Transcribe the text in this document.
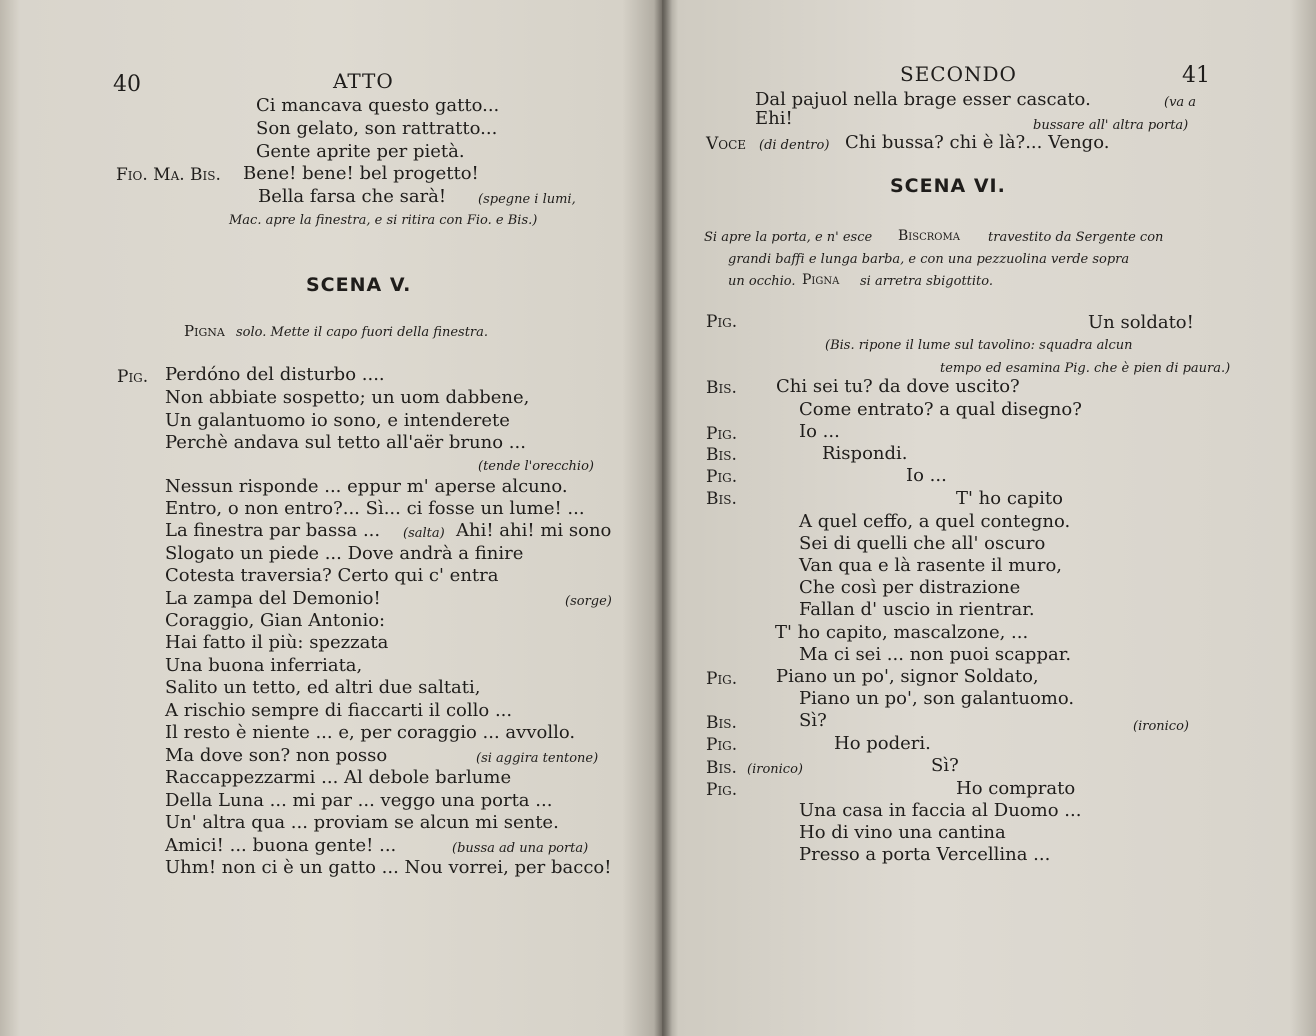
40	ATTO
Ci mancava questo gatto...
Son gelato, son rattratto...
Gente aprite per pietà.
Fio. Ma. Bis. Bene! bene! bel progetto!
Bella farsa che sarà! (spegne i lumi,
Mac. apre la finestra, e si ritira con Fio. e Bis.)
SCENA V.
Pigna solo. Mette il capo fuori della finestra.
Pig. Perdóno del disturbo ....
Non abbiate sospetto; un uom dabbene,
Un galantuomo io sono, e intenderete
Perchè andava sul tetto all'aër bruno ...
(tende l'orecchio)
Nessun risponde ... eppur m' aperse alcuno.
Entro, o non entro?... Sì... ci fosse un lume! ...
La finestra par bassa ... (salta) Ahi! ahi! mi sono
Slogato un piede ... Dove andrà a finire
Cotesta traversia? Certo qui c' entra
La zampa del Demonio!	(sorge)
Coraggio, Gian Antonio:
Hai fatto il più: spezzata
Una buona inferriata,
Salito un tetto, ed altri due saltati,
A rischio sempre di fiaccarti il collo ...
Il resto è niente ... e, per coraggio ... avvollo.
Ma dove son? non posso	(si aggira tentone)
Raccappezzarmi ... Al debole barlume
Della Luna ... mi par ... veggo una porta ...
Un' altra qua ... proviam se alcun mi sente.
Amici! ... buona gente! ...	(bussa ad una porta)
Uhm! non ci è un gatto ... Nou vorrei, per bacco!
SECONDO	41
Dal pajuol nella brage esser cascato.	(va a
Ehi!	bussare all' altra porta)
Voce (di dentro) Chi bussa? chi è là?... Vengo.
SCENA VI.
Si apre la porta, e n' esce Biscroma travestito da Sergente con
grandi baffi e lunga barba, e con una pezzuolina verde sopra
un occhio. Pigna si arretra sbigottito.
Pig.	Un soldato!
(Bis. ripone il lume sul tavolino: squadra alcun
tempo ed esamina Pig. che è pien di paura.)
Bis. Chi sei tu? da dove uscito?
Come entrato? a qual disegno?
Pig.	Io ...
Bis.	Rispondi.
Pig.	Io ...
Bis.	T' ho capito
A quel ceffo, a quel contegno.
Sei di quelli che all' oscuro
Van qua e là rasente il muro,
Che così per distrazione
Fallan d' uscio in rientrar.
T' ho capito, mascalzone, ...
Ma ci sei ... non puoi scappar.
Pig. Piano un po', signor Soldato,
Piano un po', son galantuomo.
Bis.	Sì?	(ironico)
Pig.	Ho poderi.
Bis. (ironico)	Sì?
Pig.	Ho comprato
Una casa in faccia al Duomo ...
Ho di vino una cantina
Presso a porta Vercellina ...
